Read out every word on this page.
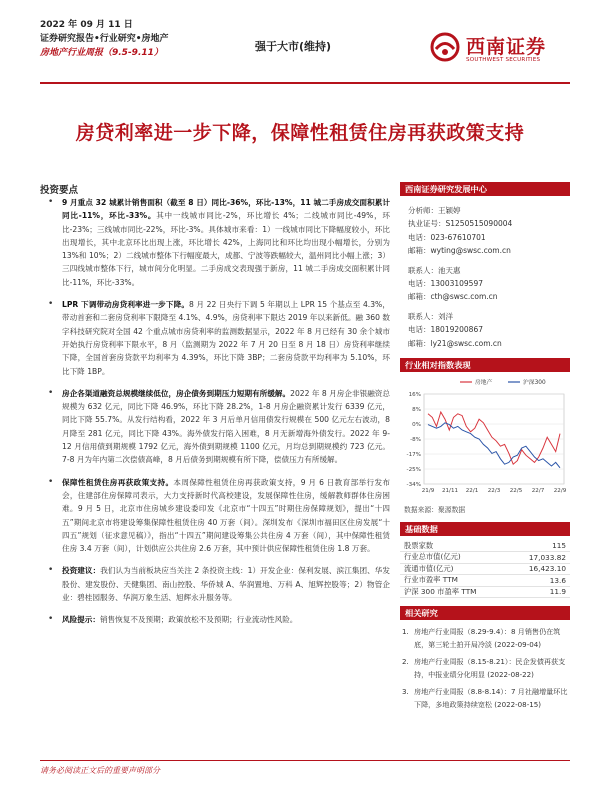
2022 年 09 月 11 日
证券研究报告•行业研究•房地产
房地产行业周报（9.5-9.11）	强于大市(维持)	西南证券
SOUTHWEST SECURITIES
房贷利率进一步下降，保障性租赁住房再获政策支持
投资要点
• 9 月重点 32 城累计销售面积（截至 8 日）同比-36%，环比-13%，11 城二手房成交面积累计同比-11%，环比-33%。其中一线城市同比-2%，环比增长 4%；二线城市同比-49%，环比-23%；三线城市同比-22%，环比-3%。具体城市来看：1）一线城市同比下降幅度较小，环比出现增长，其中北京环比出现上涨，环比增长 42%，上海同比和环比均出现小幅增长，分别为 13%和 10%；2）二线城市整体下行幅度最大，成都、宁波等跌幅较大，温州同比小幅上涨；3）三四线城市整体下行，城市间分化明显。二手房成交表现强于新房，11 城二手房成交面积累计同比-11%，环比-33%。
• LPR 下调带动房贷利率进一步下降。8 月 22 日央行下调 5 年期以上 LPR 15 个基点至 4.3%，带动首套和二套房贷利率下限降至 4.1%、4.9%，房贷利率下限达 2019 年以来新低。融 360 数字科技研究院对全国 42 个重点城市房贷利率的监测数据显示，2022 年 8 月已经有 30 余个城市开始执行房贷利率下限水平，8 月（监测期为 2022 年 7 月 20 日至 8 月 18 日）房贷利率继续下降，全国首套房贷款平均利率为 4.39%，环比下降 3BP；二套房贷款平均利率为 5.10%，环比下降 1BP。
• 房企各渠道融资总规模继续低位，房企债务到期压力短期有所缓解。2022 年 8 月房企非银融资总规模为 632 亿元，同比下降 46.9%，环比下降 28.2%，1-8 月房企融资累计发行 6339 亿元，同比下降 55.7%。从发行结构看，2022 年 3 月后单月信用债发行规模在 500 亿元左右波动，8 月降至 281 亿元，同比下降 43%。海外债发行陷入困难，8 月无新增海外债发行。2022 年 9-12 月信用债到期规模 1792 亿元，海外债到期规模 1100 亿元，月均总到期规模约 723 亿元。7-8 月为年内第二次偿债高峰，8 月后债务到期规模有所下降，偿债压力有所缓解。
• 保障性租赁住房再获政策支持。本周保障性租赁住房再获政策支持，9 月 6 日教育部举行发布会，住建部住房保障司表示，大力支持新时代高校建设，发展保障性住房，缓解教师群体住房困难。9 月 5 日，北京市住房城乡建设委印发《北京市“十四五”时期住房保障规划》，提出“十四五”期间北京市将建设筹集保障性租赁住房 40 万套（间）。深圳发布《深圳市福田区住房发展“十四五”规划（征求意见稿）》，指出“十四五”期间建设筹集公共住房 4 万套（间），其中保障性租赁住房 3.4 万套（间），计划供应公共住房 2.6 万套，其中预计供应保障性租赁住房 1.8 万套。
• 投资建议：我们认为当前板块应当关注 2 条投资主线：1）开发企业：保利发展、滨江集团、华发股份、建发股份、天健集团、南山控股、华侨城 A、华润置地、万科 A、旭辉控股等；2）物管企业：碧桂园服务、华润万象生活、旭辉永升服务等。
• 风险提示：销售恢复不及预期；政策放松不及预期；行业流动性风险。
西南证券研究发展中心
分析师：王颖婷
执业证号：S1250515090004
电话：023-67610701
邮箱：wyting@swsc.com.cn
联系人：池天惠
电话：13003109597
邮箱：cth@swsc.com.cn
联系人：刘洋
电话：18019200867
邮箱：ly21@swsc.com.cn
行业相对指数表现
16%
8%
0%
-8%
-17%
-25%
-34%
21/9 21/11 22/1 22/3 22/5 22/7 22/9
房地产	沪深300
数据来源：聚源数据
基础数据
股票家数	115
行业总市值(亿元)	17,033.82
流通市值(亿元)	16,423.10
行业市盈率 TTM	13.6
沪深 300 市盈率 TTM	11.9
相关研究
1. 房地产行业周报（8.29-9.4）：8 月销售仍在筑底，第三轮土拍开局冷淡 (2022-09-04)
2. 房地产行业周报（8.15-8.21）：民企发债再获支持，中报业绩分化明显 (2022-08-22)
3. 房地产行业周报（8.8-8.14）：7 月社融增量环比下降，多地政策持续宽松 (2022-08-15)
请务必阅读正文后的重要声明部分
